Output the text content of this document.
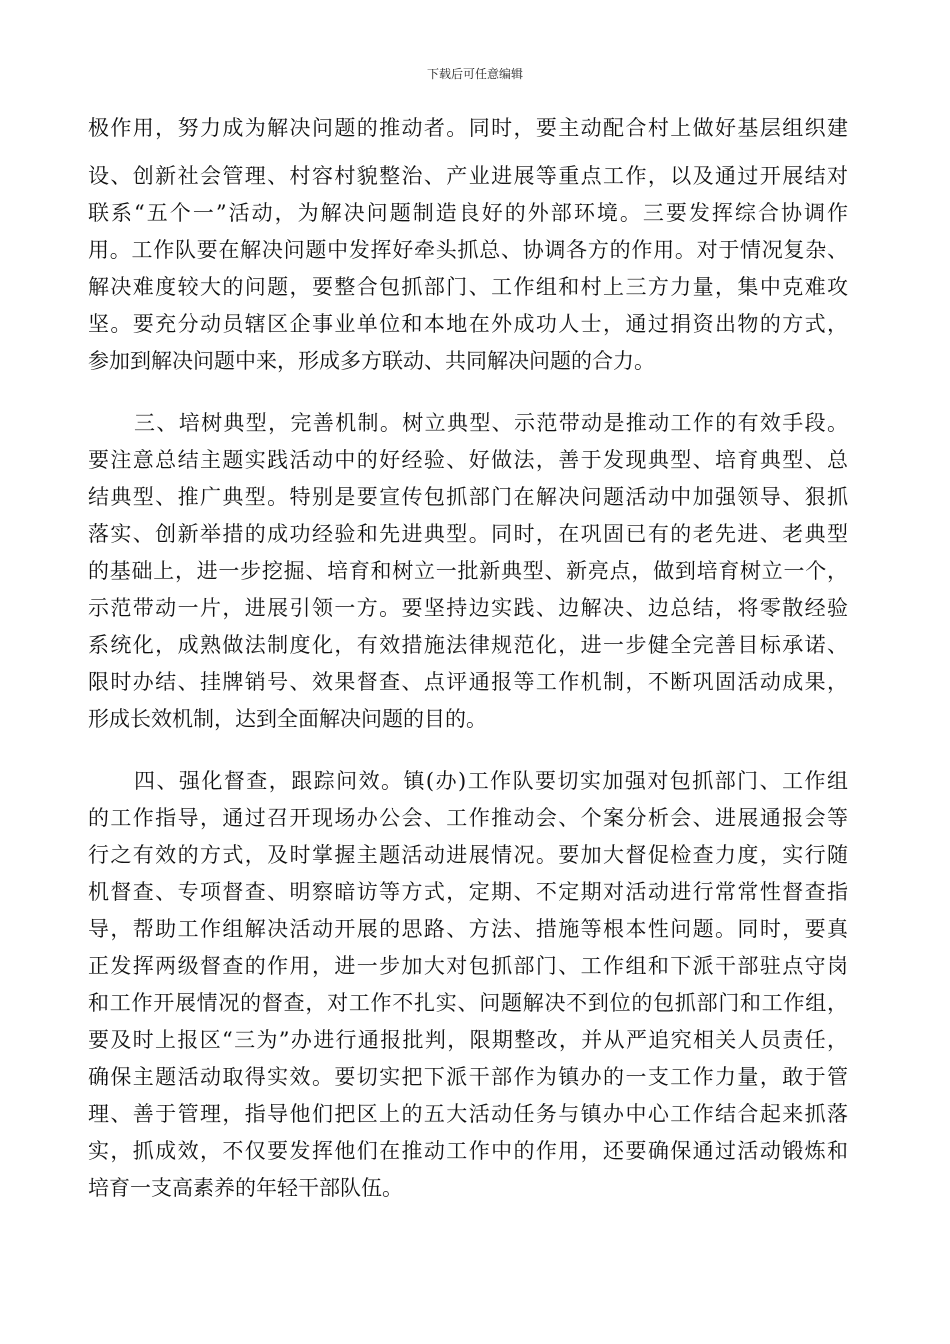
下载后可任意编辑
极作用，努力成为解决问题的推动者。同时，要主动配合村上做好基层组织建
设、创新社会管理、村容村貌整治、产业进展等重点工作，以及通过开展结对
联系“五个一”活动，为解决问题制造良好的外部环境。三要发挥综合协调作
用。工作队要在解决问题中发挥好牵头抓总、协调各方的作用。对于情况复杂、
解决难度较大的问题，要整合包抓部门、工作组和村上三方力量，集中克难攻
坚。要充分动员辖区企事业单位和本地在外成功人士，通过捐资出物的方式，
参加到解决问题中来，形成多方联动、共同解决问题的合力。
三、培树典型，完善机制。树立典型、示范带动是推动工作的有效手段。
要注意总结主题实践活动中的好经验、好做法，善于发现典型、培育典型、总
结典型、推广典型。特别是要宣传包抓部门在解决问题活动中加强领导、狠抓
落实、创新举措的成功经验和先进典型。同时，在巩固已有的老先进、老典型
的基础上，进一步挖掘、培育和树立一批新典型、新亮点，做到培育树立一个，
示范带动一片，进展引领一方。要坚持边实践、边解决、边总结，将零散经验
系统化，成熟做法制度化，有效措施法律规范化，进一步健全完善目标承诺、
限时办结、挂牌销号、效果督查、点评通报等工作机制，不断巩固活动成果，
形成长效机制，达到全面解决问题的目的。
四、强化督查，跟踪问效。镇(办)工作队要切实加强对包抓部门、工作组
的工作指导，通过召开现场办公会、工作推动会、个案分析会、进展通报会等
行之有效的方式，及时掌握主题活动进展情况。要加大督促检查力度，实行随
机督查、专项督查、明察暗访等方式，定期、不定期对活动进行常常性督查指
导，帮助工作组解决活动开展的思路、方法、措施等根本性问题。同时，要真
正发挥两级督查的作用，进一步加大对包抓部门、工作组和下派干部驻点守岗
和工作开展情况的督查，对工作不扎实、问题解决不到位的包抓部门和工作组，
要及时上报区“三为”办进行通报批判，限期整改，并从严追究相关人员责任，
确保主题活动取得实效。要切实把下派干部作为镇办的一支工作力量，敢于管
理、善于管理，指导他们把区上的五大活动任务与镇办中心工作结合起来抓落
实，抓成效，不仅要发挥他们在推动工作中的作用，还要确保通过活动锻炼和
培育一支高素养的年轻干部队伍。
